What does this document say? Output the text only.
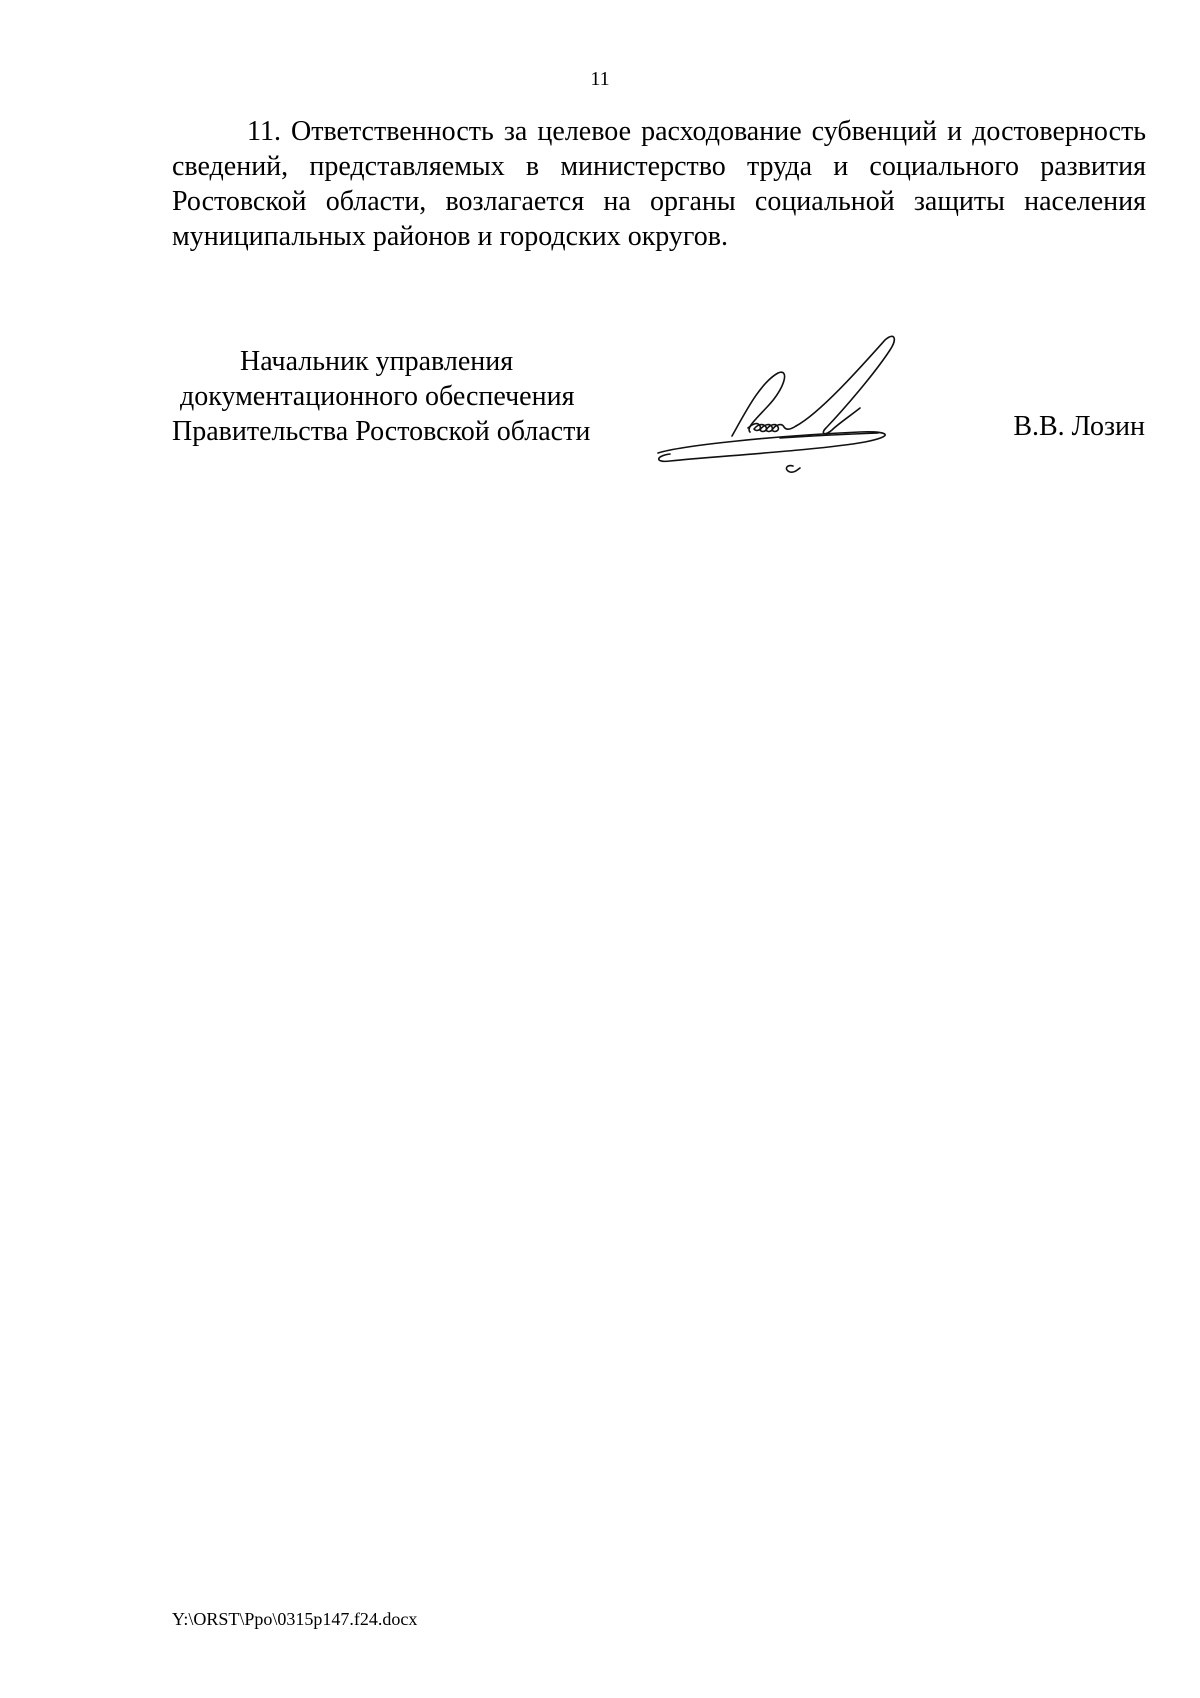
11

11. Ответственность за целевое расходование субвенций и достоверность сведений, представляемых в министерство труда и социального развития Ростовской области, возлагается на органы социальной защиты населения муниципальных районов и городских округов.

Начальник управления
документационного обеспечения
Правительства Ростовской области	В.В. Лозин
Y:\ORST\Ppo\0315p147.f24.docx
